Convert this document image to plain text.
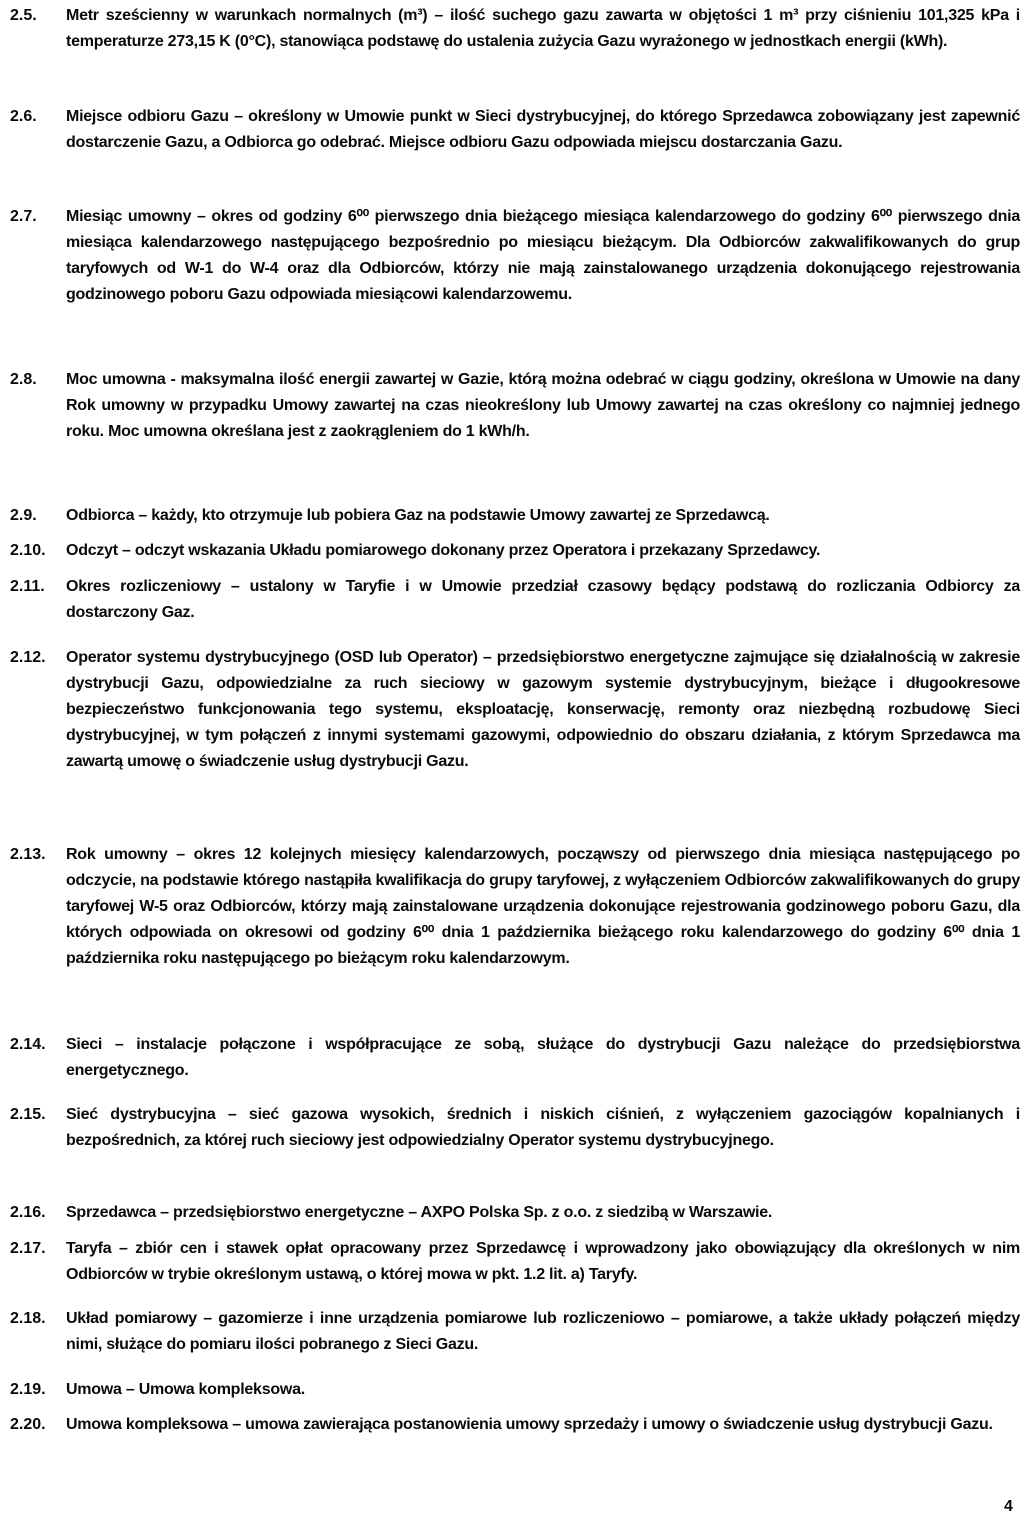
2.5.	Metr sześcienny w warunkach normalnych (m³) – ilość suchego gazu zawarta w objętości 1 m³ przy ciśnieniu 101,325 kPa i temperaturze 273,15 K (0°C), stanowiąca podstawę do ustalenia zużycia Gazu wyrażonego w jednostkach energii (kWh).
2.6.	Miejsce odbioru Gazu – określony w Umowie punkt w Sieci dystrybucyjnej, do którego Sprzedawca zobowiązany jest zapewnić dostarczenie Gazu, a Odbiorca go odebrać. Miejsce odbioru Gazu odpowiada miejscu dostarczania Gazu.
2.7.	Miesiąc umowny – okres od godziny 6⁰⁰ pierwszego dnia bieżącego miesiąca kalendarzowego do godziny 6⁰⁰ pierwszego dnia miesiąca kalendarzowego następującego bezpośrednio po miesiącu bieżącym. Dla Odbiorców zakwalifikowanych do grup taryfowych od W-1 do W-4 oraz dla Odbiorców, którzy nie mają zainstalowanego urządzenia dokonującego rejestrowania godzinowego poboru Gazu odpowiada miesiącowi kalendarzowemu.
2.8.	Moc umowna - maksymalna ilość energii zawartej w Gazie, którą można odebrać w ciągu godziny, określona w Umowie na dany Rok umowny w przypadku Umowy zawartej na czas nieokreślony lub Umowy zawartej na czas określony co najmniej jednego roku. Moc umowna określana jest z zaokrągleniem do 1 kWh/h.
2.9.	Odbiorca – każdy, kto otrzymuje lub pobiera Gaz na podstawie Umowy zawartej ze Sprzedawcą.
2.10.	Odczyt – odczyt wskazania Układu pomiarowego dokonany przez Operatora i przekazany Sprzedawcy.
2.11.	Okres rozliczeniowy – ustalony w Taryfie i w Umowie przedział czasowy będący podstawą do rozliczania Odbiorcy za dostarczony Gaz.
2.12.	Operator systemu dystrybucyjnego (OSD lub Operator) – przedsiębiorstwo energetyczne zajmujące się działalnością w zakresie dystrybucji Gazu, odpowiedzialne za ruch sieciowy w gazowym systemie dystrybucyjnym, bieżące i długookresowe bezpieczeństwo funkcjonowania tego systemu, eksploatację, konserwację, remonty oraz niezbędną rozbudowę Sieci dystrybucyjnej, w tym połączeń z innymi systemami gazowymi, odpowiednio do obszaru działania, z którym Sprzedawca ma zawartą umowę o świadczenie usług dystrybucji Gazu.
2.13.	Rok umowny – okres 12 kolejnych miesięcy kalendarzowych, począwszy od pierwszego dnia miesiąca następującego po odczycie, na podstawie którego nastąpiła kwalifikacja do grupy taryfowej, z wyłączeniem Odbiorców zakwalifikowanych do grupy taryfowej W-5 oraz Odbiorców, którzy mają zainstalowane urządzenia dokonujące rejestrowania godzinowego poboru Gazu, dla których odpowiada on okresowi od godziny 6⁰⁰ dnia 1 października bieżącego roku kalendarzowego do godziny 6⁰⁰ dnia 1 października roku następującego po bieżącym roku kalendarzowym.
2.14.	Sieci – instalacje połączone i współpracujące ze sobą, służące do dystrybucji Gazu należące do przedsiębiorstwa energetycznego.
2.15.	Sieć dystrybucyjna – sieć gazowa wysokich, średnich i niskich ciśnień, z wyłączeniem gazociągów kopalnianych i bezpośrednich, za której ruch sieciowy jest odpowiedzialny Operator systemu dystrybucyjnego.
2.16.	Sprzedawca – przedsiębiorstwo energetyczne – AXPO Polska Sp. z o.o. z siedzibą w Warszawie.
2.17.	Taryfa – zbiór cen i stawek opłat opracowany przez Sprzedawcę i wprowadzony jako obowiązujący dla określonych w nim Odbiorców w trybie określonym ustawą, o której mowa w pkt. 1.2 lit. a) Taryfy.
2.18.	Układ pomiarowy – gazomierze i inne urządzenia pomiarowe lub rozliczeniowo – pomiarowe, a także układy połączeń między nimi, służące do pomiaru ilości pobranego z Sieci Gazu.
2.19.	Umowa – Umowa kompleksowa.
2.20.	Umowa kompleksowa – umowa zawierająca postanowienia umowy sprzedaży i umowy o świadczenie usług dystrybucji Gazu.
4
